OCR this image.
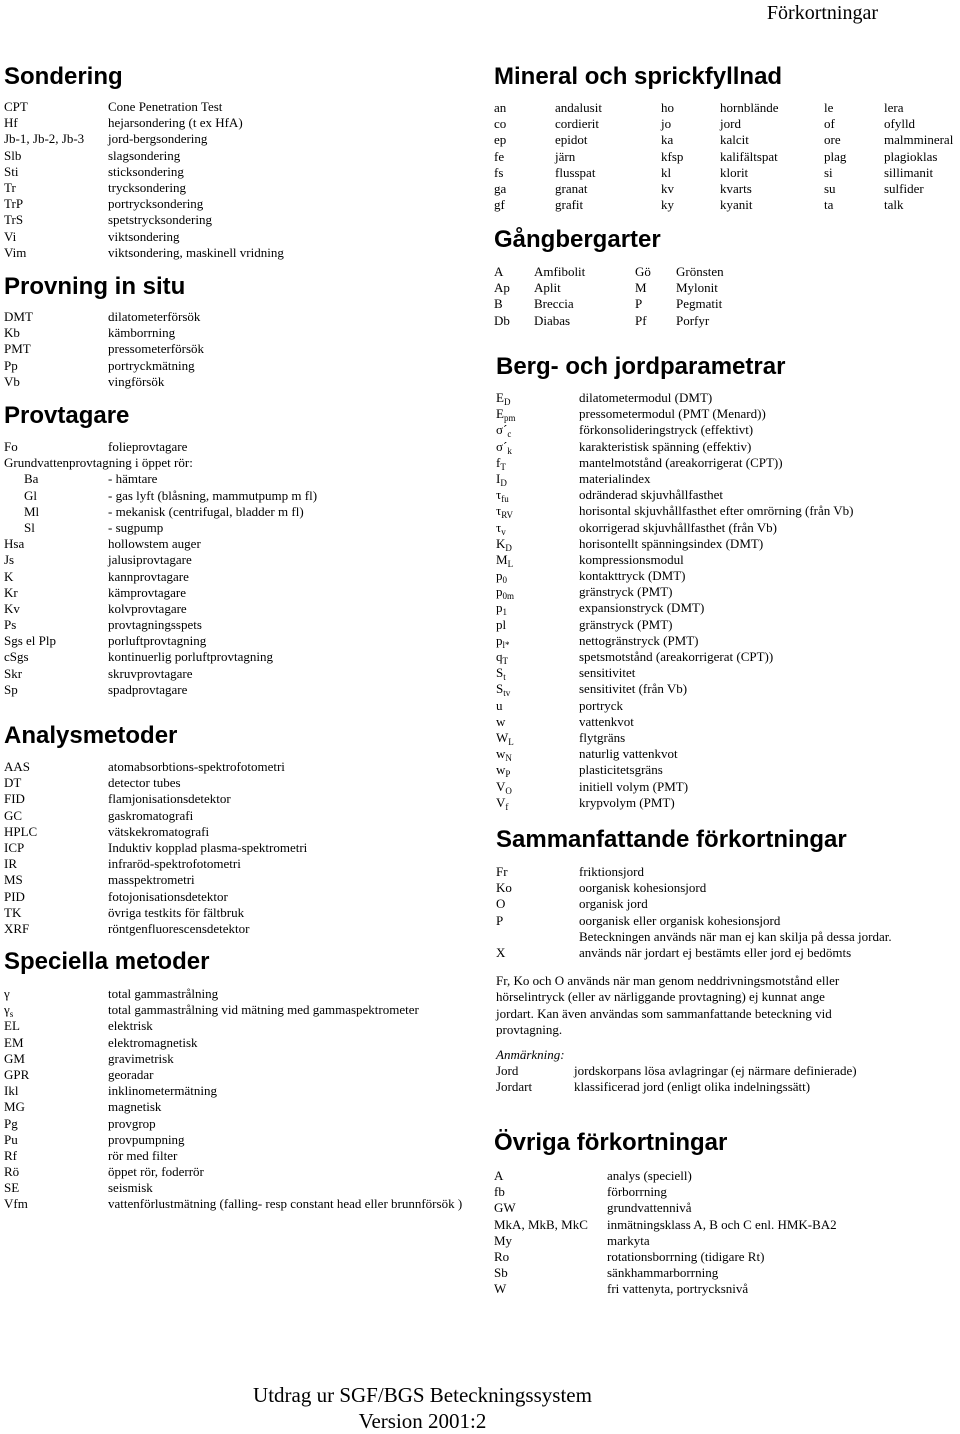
Förkortningar
Sondering
CPT	Cone Penetration Test
Hf	hejarsondering (t ex HfA)
Jb-1, Jb-2, Jb-3 jord-bergsondering
Slb	slagsondering
Sti	sticksondering
Tr	trycksondering
TrP	portrycksondering
TrS	spetstrycksondering
Vi	viktsondering
Vim	viktsondering, maskinell vridning
Provning in situ
DMT	dilatometerförsök
Kb	kämborrning
PMT	pressometerförsök
Pp	portryckmätning
Vb	vingförsök
Provtagare
Fo	folieprovtagare
Grundvattenprovtagning i öppet rör:
Ba	- hämtare
Gl	- gas lyft (blåsning, mammutpump m fl)
Ml	- mekanisk (centrifugal, bladder m fl)
Sl	- sugpump
Hsa	hollowstem auger
Js	jalusiprovtagare
K	kannprovtagare
Kr	kämprovtagare
Kv	kolvprovtagare
Ps	provtagningsspets
Sgs el Plp	porluftprovtagning
cSgs	kontinuerlig porluftprovtagning
Skr	skruvprovtagare
Sp	spadprovtagare
Analysmetoder
AAS	atomabsorbtions-spektrofotometri
DT	detector tubes
FID	flamjonisationsdetektor
GC	gaskromatografi
HPLC	vätskekromatografi
ICP	Induktiv kopplad plasma-spektrometri
IR	infraröd-spektrofotometri
MS	masspektrometri
PID	fotojonisationsdetektor
TK	övriga testkits för fältbruk
XRF	röntgenfluorescensdetektor
Speciella metoder
γ	total gammastrålning
$\gamma_s$	total gammastrålning vid mätning med gammaspektrometer
EL	elektrisk
EM	elektromagnetisk
GM	gravimetrisk
GPR	georadar
Ikl	inklinometermätning
MG	magnetisk
Pg	provgrop
Pu	provpumpning
Rf	rör med filter
Rö	öppet rör, foderrör
SE	seismisk
Vfm	vattenförlustmätning (falling- resp constant head eller brunnförsök )
Mineral och sprickfyllnad
an	andalusit	ho	hornblände	le	lera
co	cordierit	jo	jord	of	ofylld
ep	epidot	ka	kalcit	ore	malmmineral
fe	järn	kfsp	kalifältspat	plag	plagioklas
fs	flusspat	kl	klorit	si	sillimanit
ga	granat	kv	kvarts	su	sulfider
gf	grafit	ky	kyanit	ta	talk
Gångbergarter
A Amfibolit	Gö Grönsten
Ap Aplit	M Mylonit
B Breccia	P	Pegmatit
Db Diabas	Pf Porfyr
Berg- och jordparametrar
$E_D$	dilatometermodul (DMT)
$E_{pm}$	pressometermodul (PMT (Menard))
$\sigma´_c$	förkonsolideringstryck (effektivt)
$\sigma´_k$	karakteristisk spänning (effektiv)
$f_T$	mantelmotstånd (areakorrigerat (CPT))
$I_D$	materialindex
$\tau_{fu}$	odränderad skjuvhållfasthet
$\tau_{RV}$	horisontal skjuvhållfasthet efter omrörning (från Vb)
$\tau_v$	okorrigerad skjuvhållfasthet (från Vb)
$K_D$	horisontellt spänningsindex (DMT)
$M_L$	kompressionsmodul
$p_0$	kontakttryck (DMT)
$p_{0m}$	gränstryck (PMT)
$p_1$	expansionstryck (DMT)
pl	gränstryck (PMT)
$p_{l*}$	nettogränstryck (PMT)
$q_T$	spetsmotstånd (areakorrigerat (CPT))
$S_t$	sensitivitet
$S_{tv}$	sensitivitet (från Vb)
u	portryck
w	vattenkvot
$W_L$	flytgräns
$w_N$	naturlig vattenkvot
$w_P$	plasticitetsgräns
$V_O$	initiell volym (PMT)
$V_f$	krypvolym (PMT)
Sammanfattande förkortningar
Fr	friktionsjord
Ko	oorganisk kohesionsjord
O	organisk jord
P	oorganisk eller organisk kohesionsjord
Beteckningen används när man ej kan skilja på dessa jordar.
X	används när jordart ej bestämts eller jord ej bedömts

Fr, Ko och O används när man genom neddrivningsmotstånd eller hörselintryck (eller av närliggande provtagning) ej kunnat ange jordart. Kan även användas som sammanfattande beteckning vid provtagning.

Anmärkning:
Jord	jordskorpans lösa avlagringar (ej närmare definierade)
Jordart	klassificerad jord (enligt olika indelningssätt)
Övriga förkortningar
A	analys (speciell)
fb	förborrning
GW	grundvattennivå
MkA, MkB, MkC inmätningsklass A, B och C enl. HMK-BA2
My	markyta
Ro	rotationsborrning (tidigare Rt)
Sb	sänkhammarborrning
W	fri vattenyta, portrycksnivå
Utdrag ur SGF/BGS Beteckningssystem
Version 2001:2
